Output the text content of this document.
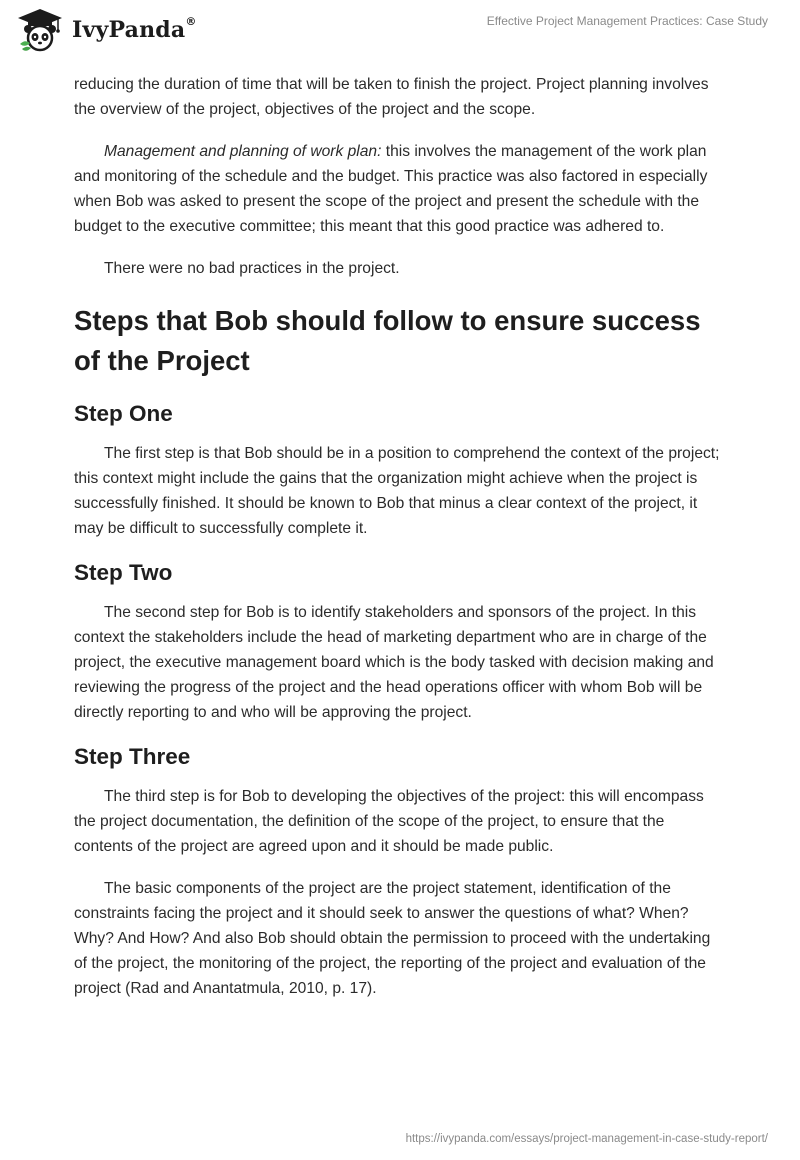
IvyPanda®	Effective Project Management Practices: Case Study

reducing the duration of time that will be taken to finish the project. Project planning involves the overview of the project, objectives of the project and the scope.

Management and planning of work plan: this involves the management of the work plan and monitoring of the schedule and the budget. This practice was also factored in especially when Bob was asked to present the scope of the project and present the schedule with the budget to the executive committee; this meant that this good practice was adhered to.

There were no bad practices in the project.

Steps that Bob should follow to ensure success of the Project
Step One

The first step is that Bob should be in a position to comprehend the context of the project; this context might include the gains that the organization might achieve when the project is successfully finished. It should be known to Bob that minus a clear context of the project, it may be difficult to successfully complete it.

Step Two

The second step for Bob is to identify stakeholders and sponsors of the project. In this context the stakeholders include the head of marketing department who are in charge of the project, the executive management board which is the body tasked with decision making and reviewing the progress of the project and the head operations officer with whom Bob will be directly reporting to and who will be approving the project.

Step Three

The third step is for Bob to developing the objectives of the project: this will encompass the project documentation, the definition of the scope of the project, to ensure that the contents of the project are agreed upon and it should be made public.

The basic components of the project are the project statement, identification of the constraints facing the project and it should seek to answer the questions of what? When? Why? And How? And also Bob should obtain the permission to proceed with the undertaking of the project, the monitoring of the project, the reporting of the project and evaluation of the project (Rad and Anantatmula, 2010, p. 17).

https://ivypanda.com/essays/project-management-in-case-study-report/
